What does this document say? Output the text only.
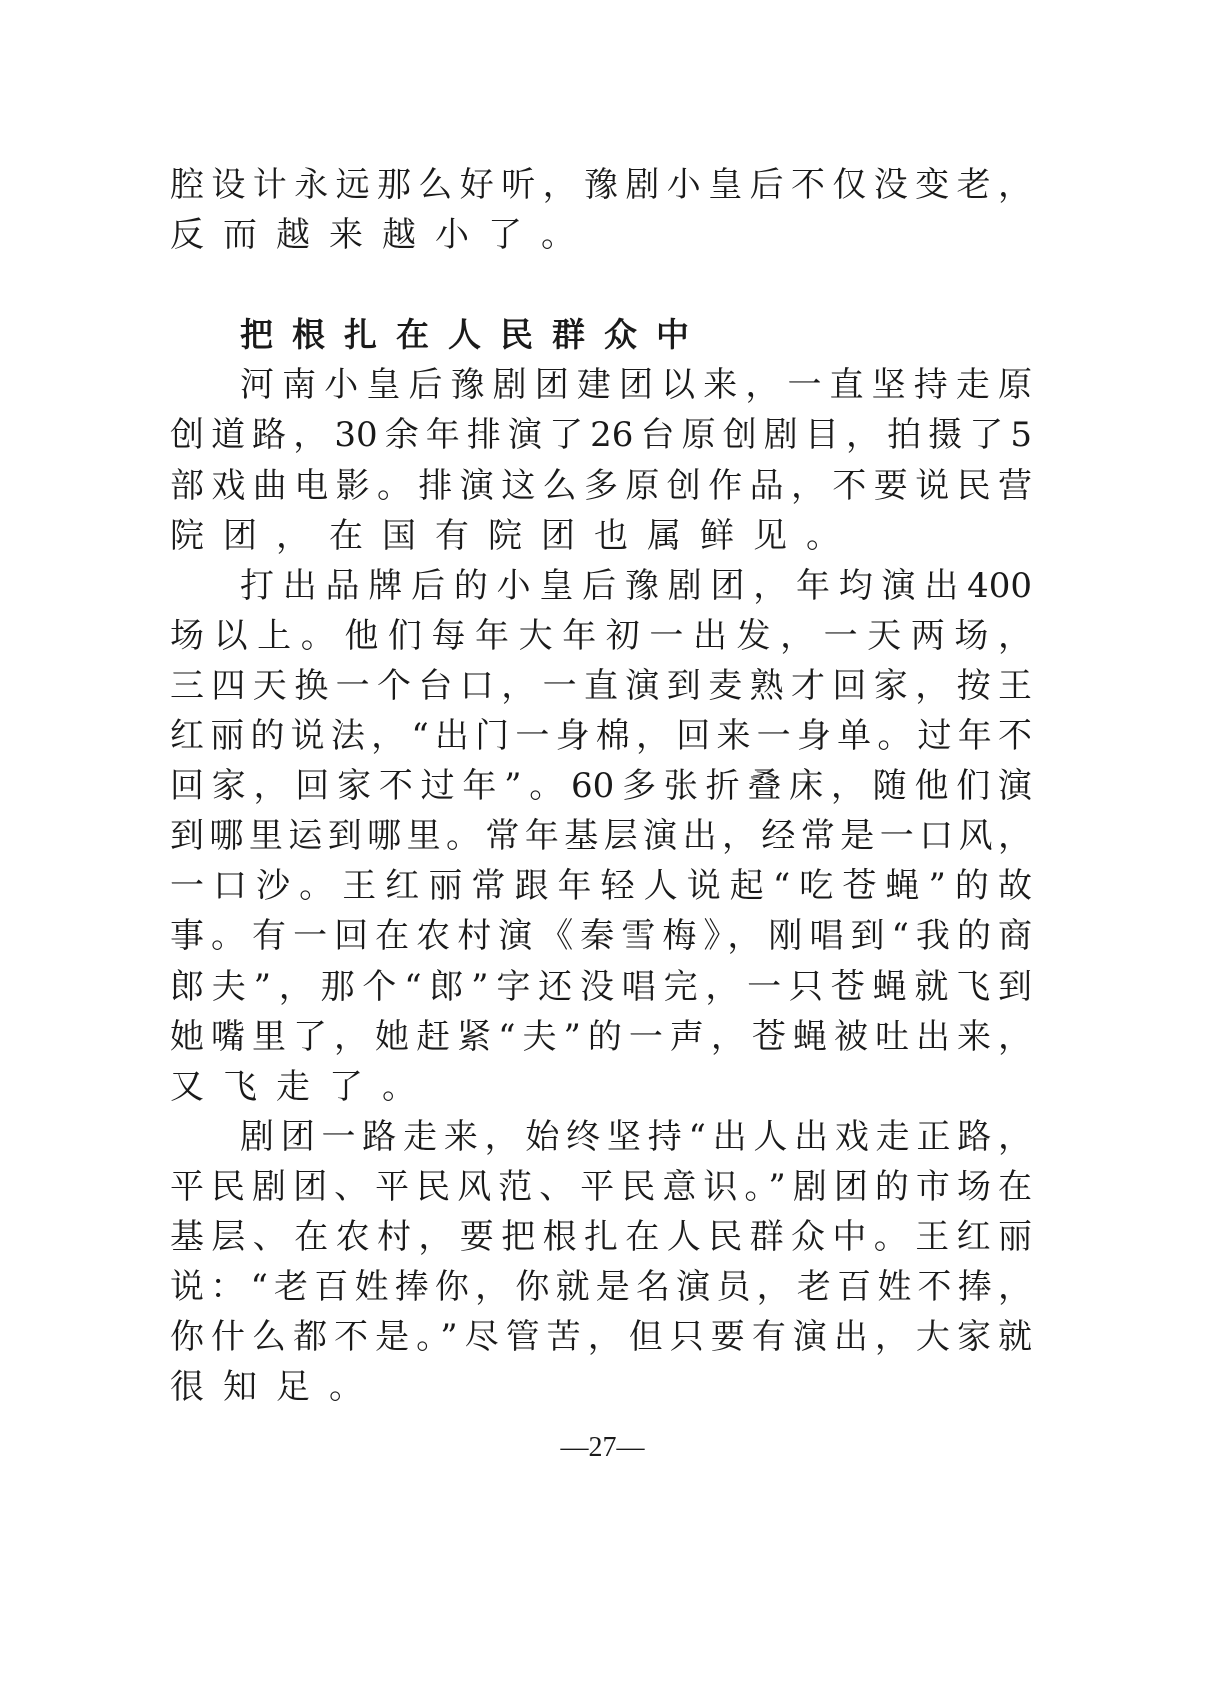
腔设计永远那么好听，豫剧小皇后不仅没变老，
反而越来越小了。
把根扎在人民群众中
河南小皇后豫剧团建团以来，一直坚持走原
创道路，30余年排演了26台原创剧目，拍摄了5
部戏曲电影。排演这么多原创作品，不要说民营
院团，在国有院团也属鲜见。
打出品牌后的小皇后豫剧团，年均演出400
场以上。他们每年大年初一出发，一天两场，
三四天换一个台口，一直演到麦熟才回家，按王
红丽的说法，“出门一身棉，回来一身单。过年不
回家，回家不过年”。60多张折叠床，随他们演
到哪里运到哪里。常年基层演出，经常是一口风，
一口沙。王红丽常跟年轻人说起“吃苍蝇”的故
事。有一回在农村演《秦雪梅》，刚唱到“我的商
郎夫”，那个“郎”字还没唱完，一只苍蝇就飞到
她嘴里了，她赶紧“夫”的一声，苍蝇被吐出来，
又飞走了。
剧团一路走来，始终坚持“出人出戏走正路，
平民剧团、平民风范、平民意识。”剧团的市场在
基层、在农村，要把根扎在人民群众中。王红丽
说：“老百姓捧你，你就是名演员，老百姓不捧，
你什么都不是。”尽管苦，但只要有演出，大家就
很知足。
—27—
